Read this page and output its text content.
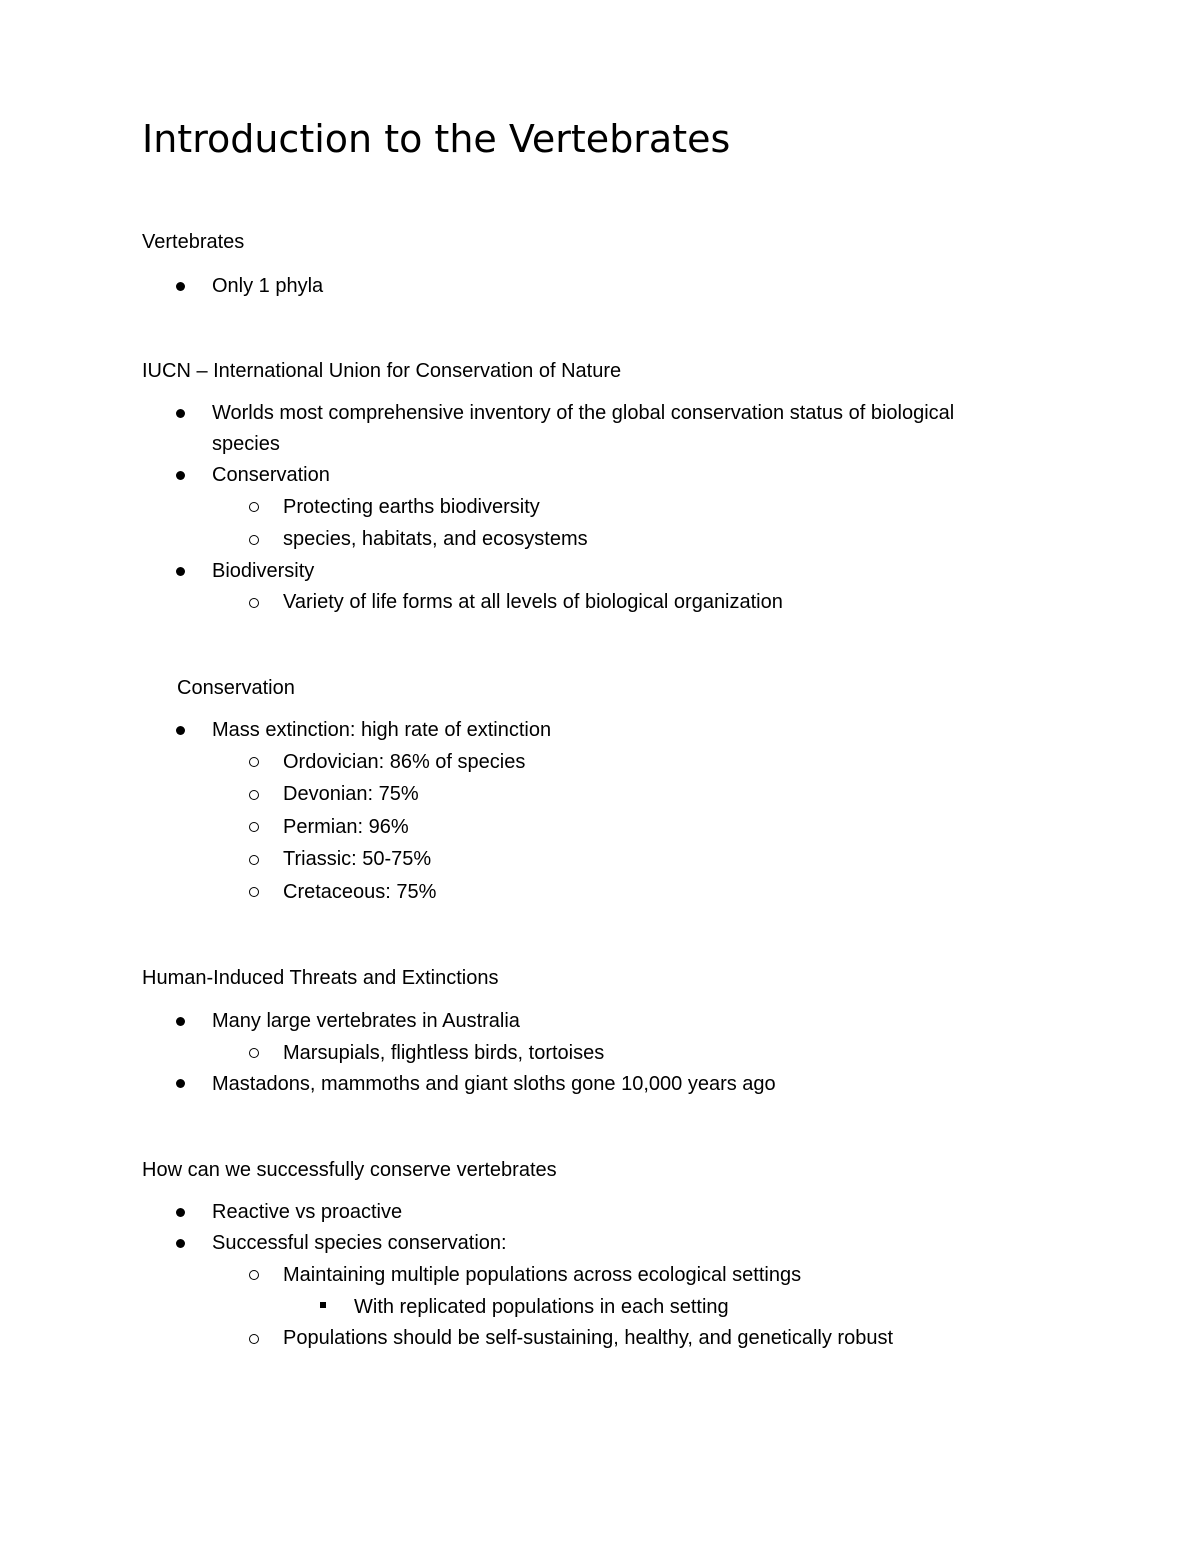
Introduction to the Vertebrates
Vertebrates
Only 1 phyla
IUCN – International Union for Conservation of Nature
Worlds most comprehensive inventory of the global conservation status of biological
species
Conservation
Protecting earths biodiversity
species, habitats, and ecosystems
Biodiversity
Variety of life forms at all levels of biological organization
Conservation
Mass extinction: high rate of extinction
Ordovician: 86% of species
Devonian: 75%
Permian: 96%
Triassic: 50-75%
Cretaceous: 75%
Human-Induced Threats and Extinctions
Many large vertebrates in Australia
Marsupials, flightless birds, tortoises
Mastadons, mammoths and giant sloths gone 10,000 years ago
How can we successfully conserve vertebrates
Reactive vs proactive
Successful species conservation:
Maintaining multiple populations across ecological settings
With replicated populations in each setting
Populations should be self-sustaining, healthy, and genetically robust
